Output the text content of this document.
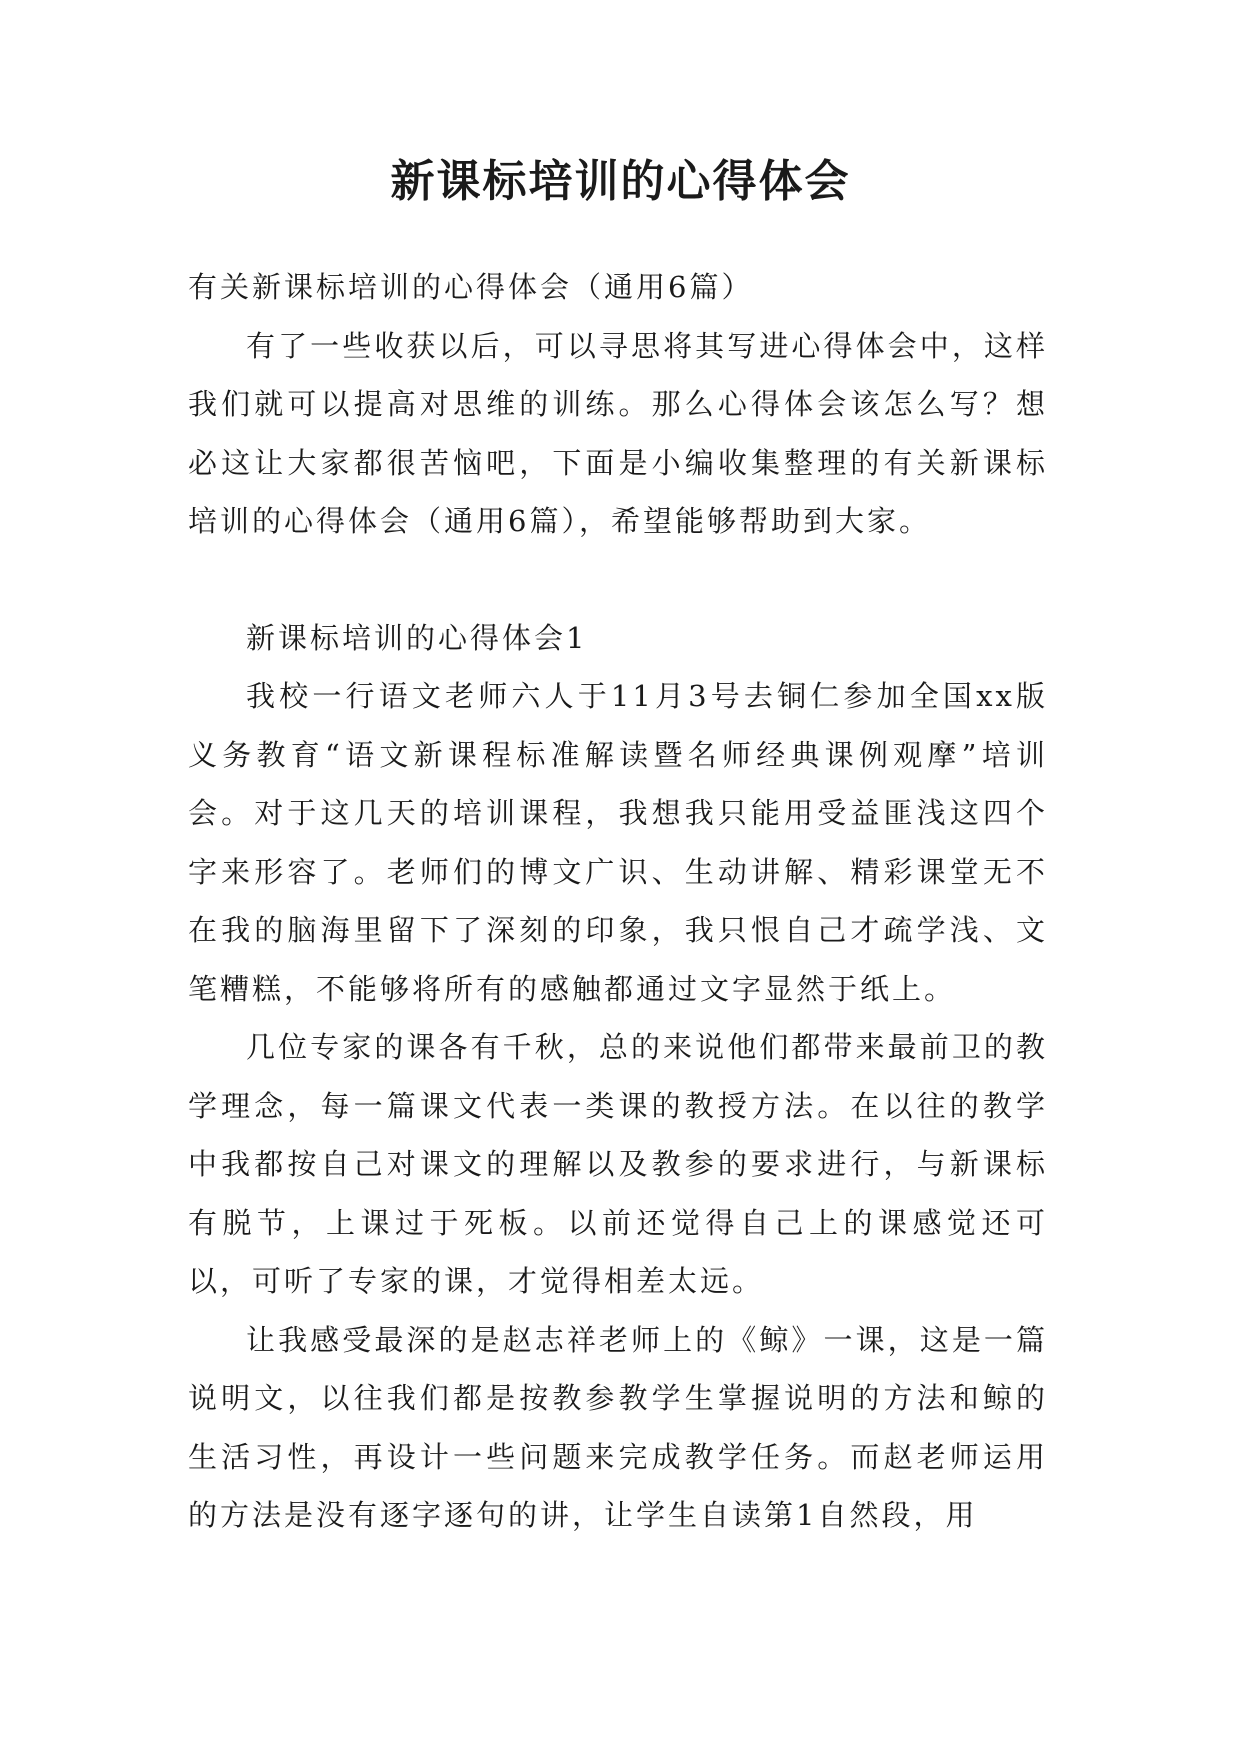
新课标培训的心得体会

有关新课标培训的心得体会（通用6篇）

有了一些收获以后，可以寻思将其写进心得体会中，这样我们就可以提高对思维的训练。那么心得体会该怎么写？想必这让大家都很苦恼吧，下面是小编收集整理的有关新课标培训的心得体会（通用6篇），希望能够帮助到大家。

新课标培训的心得体会1

我校一行语文老师六人于11月3号去铜仁参加全国xx版义务教育“语文新课程标准解读暨名师经典课例观摩”培训会。对于这几天的培训课程，我想我只能用受益匪浅这四个字来形容了。老师们的博文广识、生动讲解、精彩课堂无不在我的脑海里留下了深刻的印象，我只恨自己才疏学浅、文笔糟糕，不能够将所有的感触都通过文字显然于纸上。

几位专家的课各有千秋，总的来说他们都带来最前卫的教学理念，每一篇课文代表一类课的教授方法。在以往的教学中我都按自己对课文的理解以及教参的要求进行，与新课标有脱节，上课过于死板。以前还觉得自己上的课感觉还可以，可听了专家的课，才觉得相差太远。

让我感受最深的是赵志祥老师上的《鲸》一课，这是一篇说明文，以往我们都是按教参教学生掌握说明的方法和鲸的生活习性，再设计一些问题来完成教学任务。而赵老师运用的方法是没有逐字逐句的讲，让学生自读第1自然段，用
